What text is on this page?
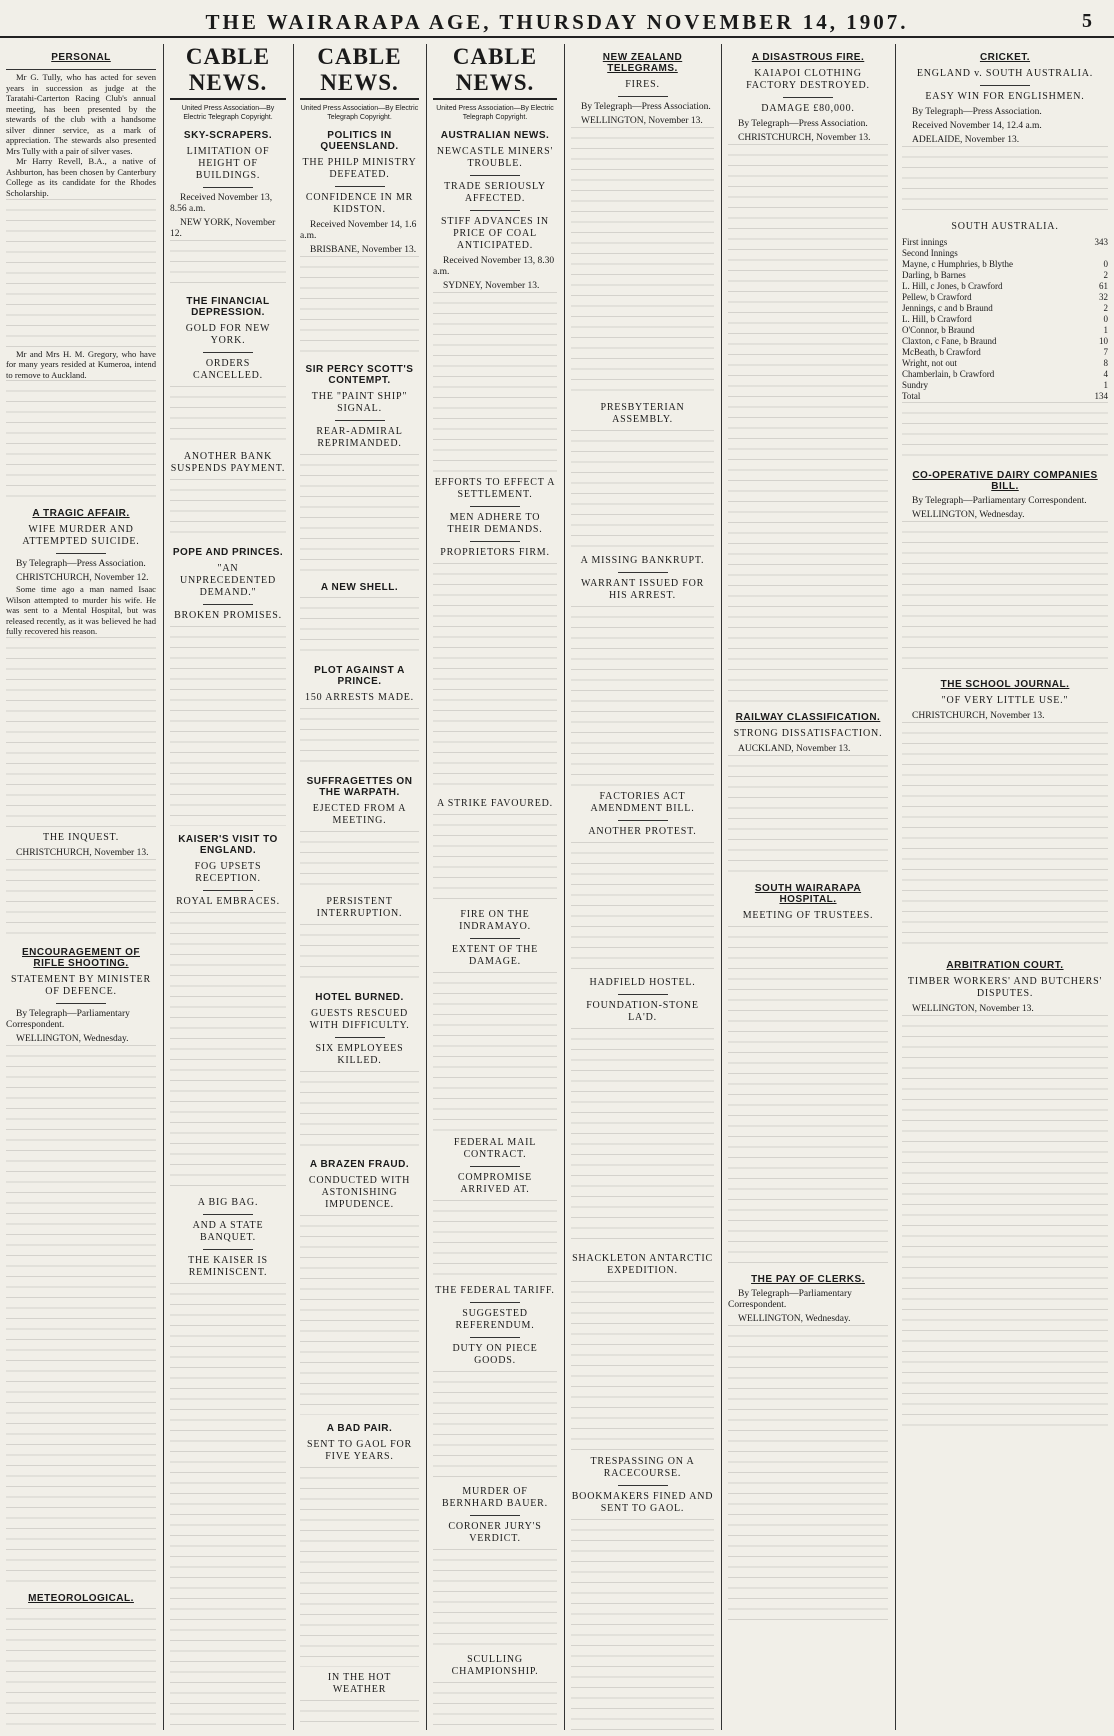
THE WAIRARAPA AGE, THURSDAY NOVEMBER 14, 1907.	5
PERSONAL

Mr G. Tully, who has acted for seven years in succession as judge at the Taratahi-Carterton Racing Club's annual meeting, has been presented by the stewards of the club with a handsome silver dinner service, as a mark of appreciation. The stewards also presented Mrs Tully with a pair of silver vases.

Mr Harry Revell, B.A., a native of Ashburton, has been chosen by Canterbury College as its candidate for the Rhodes Scholarship.

Mr and Mrs H. M. Gregory, who have for many years resided at Kumeroa, intend to remove to Auckland.

A TRAGIC AFFAIR.
WIFE MURDER AND ATTEMPTED SUICIDE.
By Telegraph—Press Association.
CHRISTCHURCH, November 12.

Some time ago a man named Isaac Wilson attempted to murder his wife. He was sent to a Mental Hospital, but was released recently, as it was believed he had fully recovered his reason.

THE INQUEST.
CHRISTCHURCH, November 13.

ENCOURAGEMENT OF RIFLE SHOOTING.
STATEMENT BY MINISTER OF DEFENCE.
By Telegraph—Parliamentary Correspondent.
WELLINGTON, Wednesday.

METEOROLOGICAL.

CABLE NEWS.
United Press Association—By Electric Telegraph Copyright.
SKY-SCRAPERS.
LIMITATION OF HEIGHT OF BUILDINGS.
Received November 13, 8.56 a.m.
NEW YORK, November 12.

THE FINANCIAL DEPRESSION.
GOLD FOR NEW YORK.
ORDERS CANCELLED.

ANOTHER BANK SUSPENDS PAYMENT.

POPE AND PRINCES.
"AN UNPRECEDENTED DEMAND."
BROKEN PROMISES.

KAISER'S VISIT TO ENGLAND.
FOG UPSETS RECEPTION.
ROYAL EMBRACES.

A BIG BAG.
AND A STATE BANQUET.
THE KAISER IS REMINISCENT.

CABLE NEWS.
United Press Association—By Electric Telegraph Copyright.
POLITICS IN QUEENSLAND.
THE PHILP MINISTRY DEFEATED.
CONFIDENCE IN MR KIDSTON.
Received November 14, 1.6 a.m.
BRISBANE, November 13.

SIR PERCY SCOTT'S CONTEMPT.
THE "PAINT SHIP" SIGNAL.
REAR-ADMIRAL REPRIMANDED.

A NEW SHELL.

PLOT AGAINST A PRINCE.
150 ARRESTS MADE.

SUFFRAGETTES ON THE WARPATH.
EJECTED FROM A MEETING.

PERSISTENT INTERRUPTION.

HOTEL BURNED.
GUESTS RESCUED WITH DIFFICULTY.
SIX EMPLOYEES KILLED.

A BRAZEN FRAUD.
CONDUCTED WITH ASTONISHING IMPUDENCE.

A BAD PAIR.
SENT TO GAOL FOR FIVE YEARS.

IN THE HOT WEATHER

CABLE NEWS.
United Press Association—By Electric Telegraph Copyright.
AUSTRALIAN NEWS.
NEWCASTLE MINERS' TROUBLE.
TRADE SERIOUSLY AFFECTED.
STIFF ADVANCES IN PRICE OF COAL ANTICIPATED.
Received November 13, 8.30 a.m.
SYDNEY, November 13.

EFFORTS TO EFFECT A SETTLEMENT.
MEN ADHERE TO THEIR DEMANDS.
PROPRIETORS FIRM.

A STRIKE FAVOURED.

FIRE ON THE INDRAMAYO.
EXTENT OF THE DAMAGE.

FEDERAL MAIL CONTRACT.
COMPROMISE ARRIVED AT.

THE FEDERAL TARIFF.
SUGGESTED REFERENDUM.
DUTY ON PIECE GOODS.

MURDER OF BERNHARD BAUER.
CORONER JURY'S VERDICT.

SCULLING CHAMPIONSHIP.

NEW ZEALAND TELEGRAMS.
FIRES.
By Telegraph—Press Association.
WELLINGTON, November 13.

PRESBYTERIAN ASSEMBLY.

A MISSING BANKRUPT.
WARRANT ISSUED FOR HIS ARREST.

FACTORIES ACT AMENDMENT BILL.
ANOTHER PROTEST.

HADFIELD HOSTEL.
FOUNDATION-STONE LA'D.

SHACKLETON ANTARCTIC EXPEDITION.

TRESPASSING ON A RACECOURSE.
BOOKMAKERS FINED AND SENT TO GAOL.

A DISASTROUS FIRE.
KAIAPOI CLOTHING FACTORY DESTROYED.
DAMAGE £80,000.
By Telegraph—Press Association.
CHRISTCHURCH, November 13.

RAILWAY CLASSIFICATION.
STRONG DISSATISFACTION.
AUCKLAND, November 13.

SOUTH WAIRARAPA HOSPITAL.
MEETING OF TRUSTEES.

THE PAY OF CLERKS.
By Telegraph—Parliamentary Correspondent.
WELLINGTON, Wednesday.

CRICKET.
ENGLAND v. SOUTH AUSTRALIA.
EASY WIN FOR ENGLISHMEN.
By Telegraph—Press Association.
Received November 14, 12.4 a.m.
ADELAIDE, November 13.

SOUTH AUSTRALIA.
First innings	343
Second Innings
Mayne, c Humphries, b Blythe	0
Darling, b Barnes	2
L. Hill, c Jones, b Crawford	61
Pellew, b Crawford	32
Jennings, c and b Braund	2
L. Hill, b Crawford	0
O'Connor, b Braund	1
Claxton, c Fane, b Braund	10
McBeath, b Crawford	7
Wright, not out	8
Chamberlain, b Crawford	4
Sundry	1
Total	134

CO-OPERATIVE DAIRY COMPANIES BILL.
By Telegraph—Parliamentary Correspondent.
WELLINGTON, Wednesday.

THE SCHOOL JOURNAL.
"OF VERY LITTLE USE."
CHRISTCHURCH, November 13.

ARBITRATION COURT.
TIMBER WORKERS' AND BUTCHERS' DISPUTES.
WELLINGTON, November 13.
